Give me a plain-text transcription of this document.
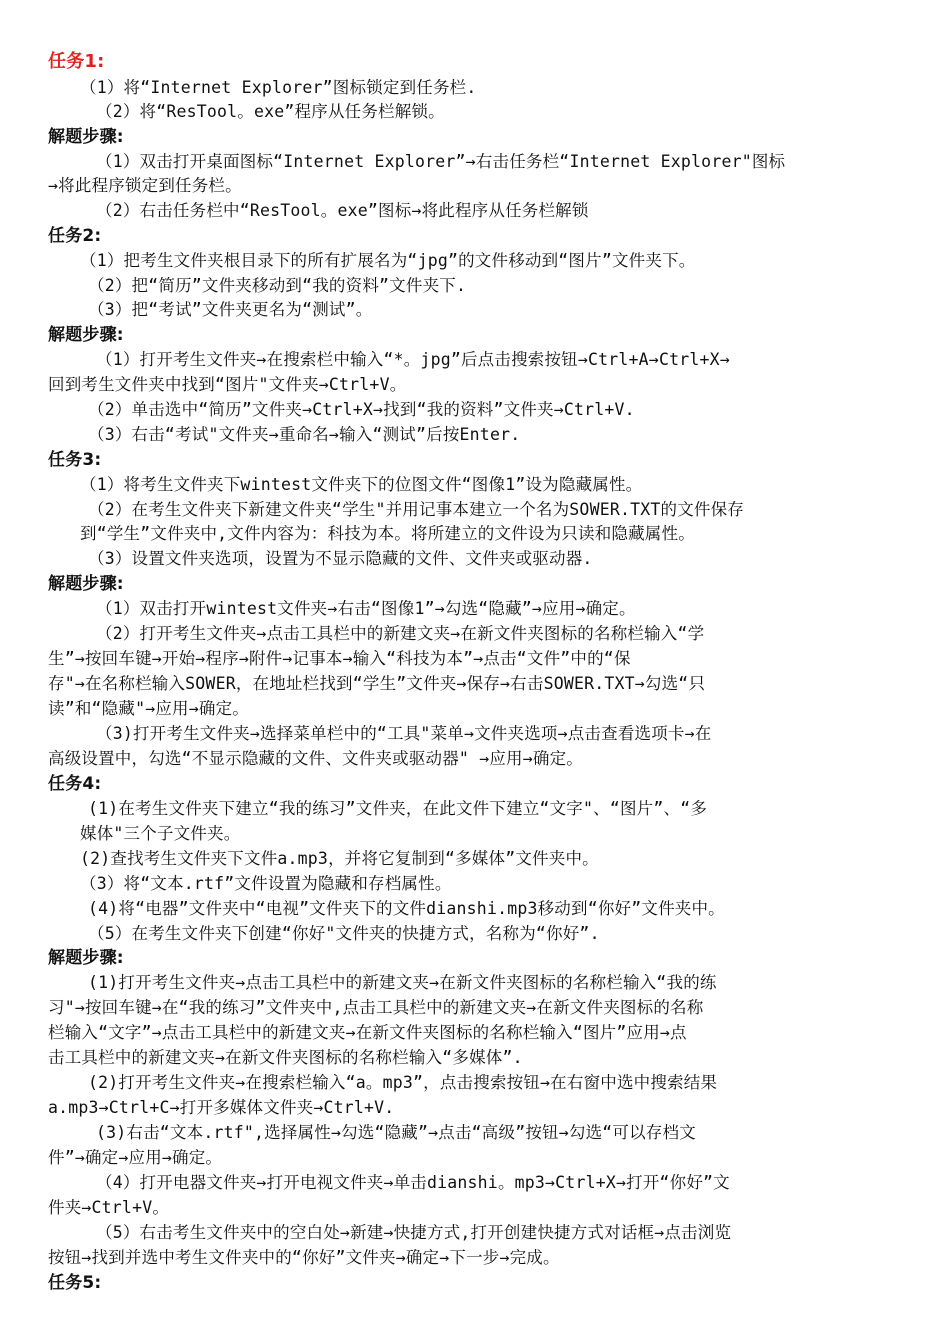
任务1:
（1）将“Internet Explorer”图标锁定到任务栏.
（2）将“ResTool。exe”程序从任务栏解锁。
解题步骤:
（1）双击打开桌面图标“Internet Explorer”→右击任务栏“Internet Explorer"图标
→将此程序锁定到任务栏。
（2）右击任务栏中“ResTool。exe”图标→将此程序从任务栏解锁
任务2:
（1）把考生文件夹根目录下的所有扩展名为“jpg”的文件移动到“图片”文件夹下。
（2）把“简历”文件夹移动到“我的资料”文件夹下.
（3）把“考试”文件夹更名为“测试”。
解题步骤:
（1）打开考生文件夹→在搜索栏中输入“*。jpg”后点击搜索按钮→Ctrl+A→Ctrl+X→
回到考生文件夹中找到“图片"文件夹→Ctrl+V。
（2）单击选中“简历”文件夹→Ctrl+X→找到“我的资料”文件夹→Ctrl+V.
（3）右击“考试"文件夹→重命名→输入“测试”后按Enter.
任务3:
（1）将考生文件夹下wintest文件夹下的位图文件“图像1”设为隐藏属性。
（2）在考生文件夹下新建文件夹“学生"并用记事本建立一个名为SOWER.TXT的文件保存
到“学生”文件夹中,文件内容为：科技为本。将所建立的文件设为只读和隐藏属性。
（3）设置文件夹选项，设置为不显示隐藏的文件、文件夹或驱动器.
解题步骤:
（1）双击打开wintest文件夹→右击“图像1”→勾选“隐藏”→应用→确定。
（2）打开考生文件夹→点击工具栏中的新建文夹→在新文件夹图标的名称栏输入“学
生”→按回车键→开始→程序→附件→记事本→输入“科技为本”→点击“文件”中的“保
存"→在名称栏输入SOWER，在地址栏找到“学生”文件夹→保存→右击SOWER.TXT→勾选“只
读”和“隐藏"→应用→确定。
（3)打开考生文件夹→选择菜单栏中的“工具"菜单→文件夹选项→点击查看选项卡→在
高级设置中，勾选“不显示隐藏的文件、文件夹或驱动器" →应用→确定。
任务4:
(1)在考生文件夹下建立“我的练习”文件夹，在此文件下建立“文字"、“图片”、“多
媒体"三个子文件夹。
(2)查找考生文件夹下文件a.mp3，并将它复制到“多媒体”文件夹中。
（3）将“文本.rtf”文件设置为隐藏和存档属性。
(4)将“电器”文件夹中“电视”文件夹下的文件dianshi.mp3移动到“你好”文件夹中。
（5）在考生文件夹下创建“你好"文件夹的快捷方式，名称为“你好”.
解题步骤:
(1)打开考生文件夹→点击工具栏中的新建文夹→在新文件夹图标的名称栏输入“我的练
习"→按回车键→在“我的练习”文件夹中,点击工具栏中的新建文夹→在新文件夹图标的名称
栏输入“文字”→点击工具栏中的新建文夹→在新文件夹图标的名称栏输入“图片”应用→点
击工具栏中的新建文夹→在新文件夹图标的名称栏输入“多媒体”.
(2)打开考生文件夹→在搜索栏输入“a。mp3”，点击搜索按钮→在右窗中选中搜索结果
a.mp3→Ctrl+C→打开多媒体文件夹→Ctrl+V.
(3)右击“文本.rtf",选择属性→勾选“隐藏”→点击“高级”按钮→勾选“可以存档文
件”→确定→应用→确定。
（4）打开电器文件夹→打开电视文件夹→单击dianshi。mp3→Ctrl+X→打开“你好”文
件夹→Ctrl+V。
（5）右击考生文件夹中的空白处→新建→快捷方式,打开创建快捷方式对话框→点击浏览
按钮→找到并选中考生文件夹中的“你好”文件夹→确定→下一步→完成。
任务5:
